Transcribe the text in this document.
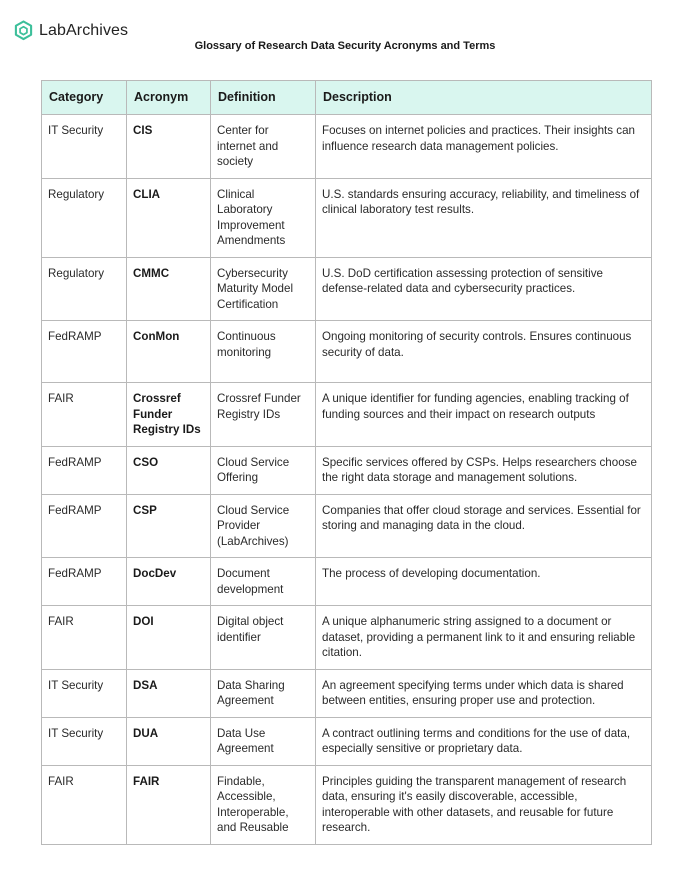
LabArchives
Glossary of Research Data Security Acronyms and Terms
Category	Acronym	Definition	Description
IT Security	CIS	Center for internet and society	Focuses on internet policies and practices. Their insights can influence research data management policies.
Regulatory	CLIA	Clinical Laboratory Improvement Amendments	U.S. standards ensuring accuracy, reliability, and timeliness of clinical laboratory test results.
Regulatory	CMMC	Cybersecurity Maturity Model Certification	U.S. DoD certification assessing protection of sensitive defense-related data and cybersecurity practices.
FedRAMP	ConMon	Continuous monitoring	Ongoing monitoring of security controls. Ensures continuous security of data.
FAIR	Crossref Funder Registry IDs	Crossref Funder Registry IDs	A unique identifier for funding agencies, enabling tracking of funding sources and their impact on research outputs
FedRAMP	CSO	Cloud Service Offering	Specific services offered by CSPs. Helps researchers choose the right data storage and management solutions.
FedRAMP	CSP	Cloud Service Provider (LabArchives)	Companies that offer cloud storage and services. Essential for storing and managing data in the cloud.
FedRAMP	DocDev	Document development	The process of developing documentation.
FAIR	DOI	Digital object identifier	A unique alphanumeric string assigned to a document or dataset, providing a permanent link to it and ensuring reliable citation.
IT Security	DSA	Data Sharing Agreement	An agreement specifying terms under which data is shared between entities, ensuring proper use and protection.
IT Security	DUA	Data Use Agreement	A contract outlining terms and conditions for the use of data, especially sensitive or proprietary data.
FAIR	FAIR	Findable, Accessible, Interoperable, and Reusable	Principles guiding the transparent management of research data, ensuring it's easily discoverable, accessible, interoperable with other datasets, and reusable for future research.
